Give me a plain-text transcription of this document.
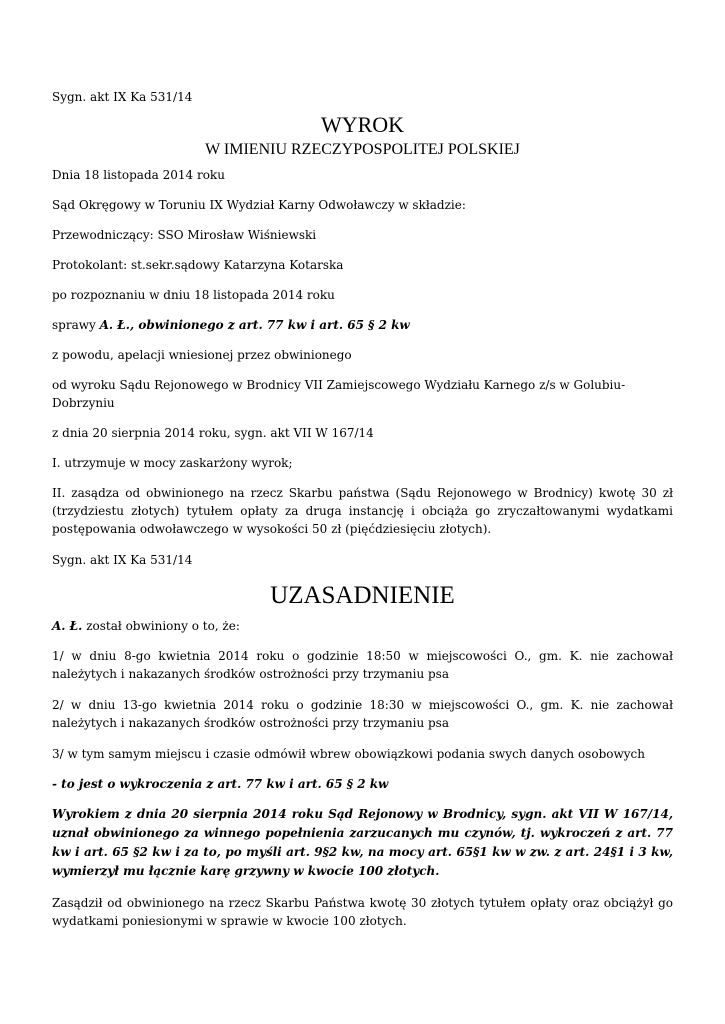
Sygn. akt IX Ka 531/14

WYROK

W IMIENIU RZECZYPOSPOLITEJ POLSKIEJ

Dnia 18 listopada 2014 roku

Sąd Okręgowy w Toruniu IX Wydział Karny Odwoławczy w składzie:

Przewodniczący: SSO Mirosław Wiśniewski

Protokolant: st.sekr.sądowy Katarzyna Kotarska

po rozpoznaniu w dniu 18 listopada 2014 roku

sprawy A. Ł., obwinionego z art. 77 kw i art. 65 § 2 kw

z powodu, apelacji wniesionej przez obwinionego

od wyroku Sądu Rejonowego w Brodnicy VII Zamiejscowego Wydziału Karnego z/s w Golubiu-Dobrzyniu

z dnia 20 sierpnia 2014 roku, sygn. akt VII W 167/14

I. utrzymuje w mocy zaskarżony wyrok;

II. zasądza od obwinionego na rzecz Skarbu państwa (Sądu Rejonowego w Brodnicy) kwotę 30 zł (trzydziestu złotych) tytułem opłaty za druga instancję i obciąża go zryczałtowanymi wydatkami postępowania odwoławczego w wysokości 50 zł (pięćdziesięciu złotych).

Sygn. akt IX Ka 531/14

UZASADNIENIE

A. Ł. został obwiniony o to, że:

1/ w dniu 8-go kwietnia 2014 roku o godzinie 18:50 w miejscowości O., gm. K. nie zachował należytych i nakazanych środków ostrożności przy trzymaniu psa

2/ w dniu 13-go kwietnia 2014 roku o godzinie 18:30 w miejscowości O., gm. K. nie zachował należytych i nakazanych środków ostrożności przy trzymaniu psa

3/ w tym samym miejscu i czasie odmówił wbrew obowiązkowi podania swych danych osobowych

- to jest o wykroczenia z art. 77 kw i art. 65 § 2 kw

Wyrokiem z dnia 20 sierpnia 2014 roku Sąd Rejonowy w Brodnicy, sygn. akt VII W 167/14, uznał obwinionego za winnego popełnienia zarzucanych mu czynów, tj. wykroczeń z art. 77 kw i art. 65 §2 kw i za to, po myśli art. 9§2 kw, na mocy art. 65§1 kw w zw. z art. 24§1 i 3 kw, wymierzył mu łącznie karę grzywny w kwocie 100 złotych.

Zasądził od obwinionego na rzecz Skarbu Państwa kwotę 30 złotych tytułem opłaty oraz obciążył go wydatkami poniesionymi w sprawie w kwocie 100 złotych.
